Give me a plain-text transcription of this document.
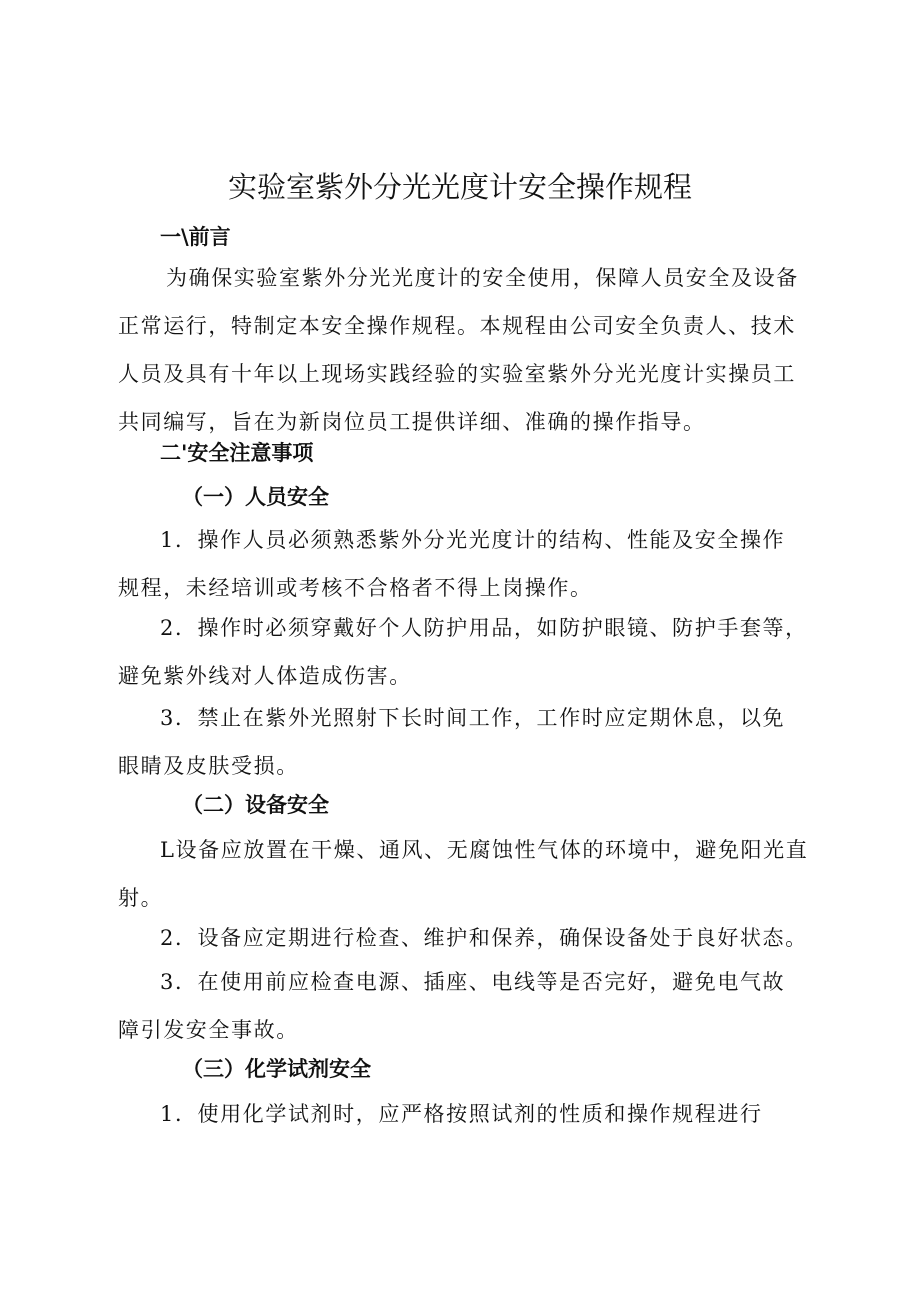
实验室紫外分光光度计安全操作规程
一\前言
为确保实验室紫外分光光度计的安全使用，保障人员安全及设备
正常运行，特制定本安全操作规程。本规程由公司安全负责人、技术
人员及具有十年以上现场实践经验的实验室紫外分光光度计实操员工
共同编写，旨在为新岗位员工提供详细、准确的操作指导。
二'安全注意事项
（一）人员安全
1．操作人员必须熟悉紫外分光光度计的结构、性能及安全操作
规程，未经培训或考核不合格者不得上岗操作。
2．操作时必须穿戴好个人防护用品，如防护眼镜、防护手套等，
避免紫外线对人体造成伤害。
3．禁止在紫外光照射下长时间工作，工作时应定期休息，以免
眼睛及皮肤受损。
（二）设备安全
L设备应放置在干燥、通风、无腐蚀性气体的环境中，避免阳光直
射。
2．设备应定期进行检查、维护和保养，确保设备处于良好状态。
3．在使用前应检查电源、插座、电线等是否完好，避免电气故
障引发安全事故。
（三）化学试剂安全
1．使用化学试剂时，应严格按照试剂的性质和操作规程进行
